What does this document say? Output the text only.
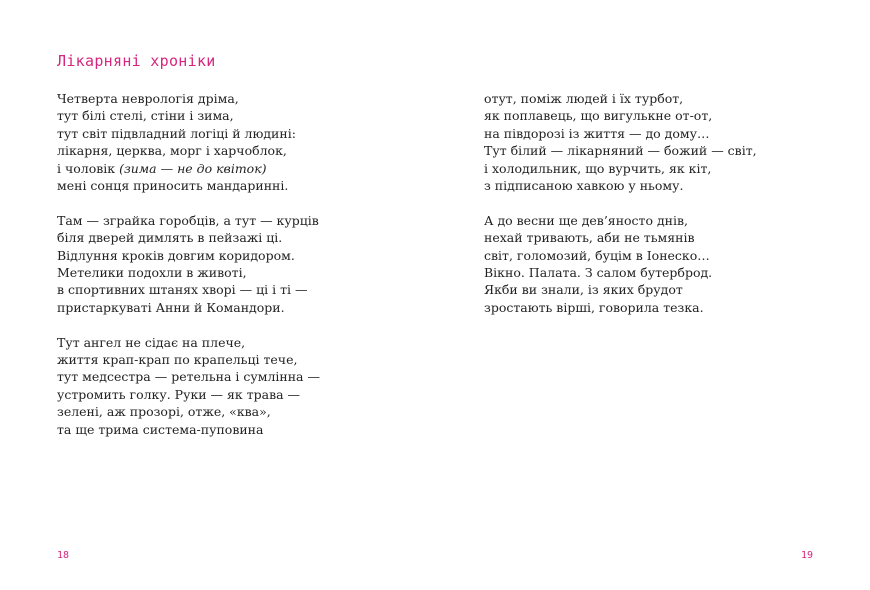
Лікарняні хроніки
Четверта неврологія дріма,
тут білі стелі, стіни і зима,
тут світ підвладний логіці й людині:
лікарня, церква, морг і харчоблок,
і чоловік (зима — не до квіток)
мені сонця приносить мандаринні.
Там — зграйка горобців, а тут — курців
біля дверей димлять в пейзажі ці.
Відлуння кроків довгим коридором.
Метелики подохли в животі,
в спортивних штанях хворі — ці і ті —
пристаркуваті Анни й Командори.
Тут ангел не сідає на плече,
життя крап-крап по крапельці тече,
тут медсестра — ретельна і сумлінна —
устромить голку. Руки — як трава —
зелені, аж прозорі, отже, «ква»,
та ще трима система-пуповина
отут, поміж людей і їх турбот,
як поплавець, що вигулькне от-от,
на півдорозі із життя — до дому…
Тут білий — лікарняний — божий — світ,
і холодильник, що вурчить, як кіт,
з підписаною хавкою у ньому.
А до весни ще дев’яносто днів,
нехай тривають, аби не тьмянів
світ, голомозий, буцім в Іонеско…
Вікно. Палата. З салом бутерброд.
Якби ви знали, із яких брудот
зростають вірші, говорила тезка.
18	19
